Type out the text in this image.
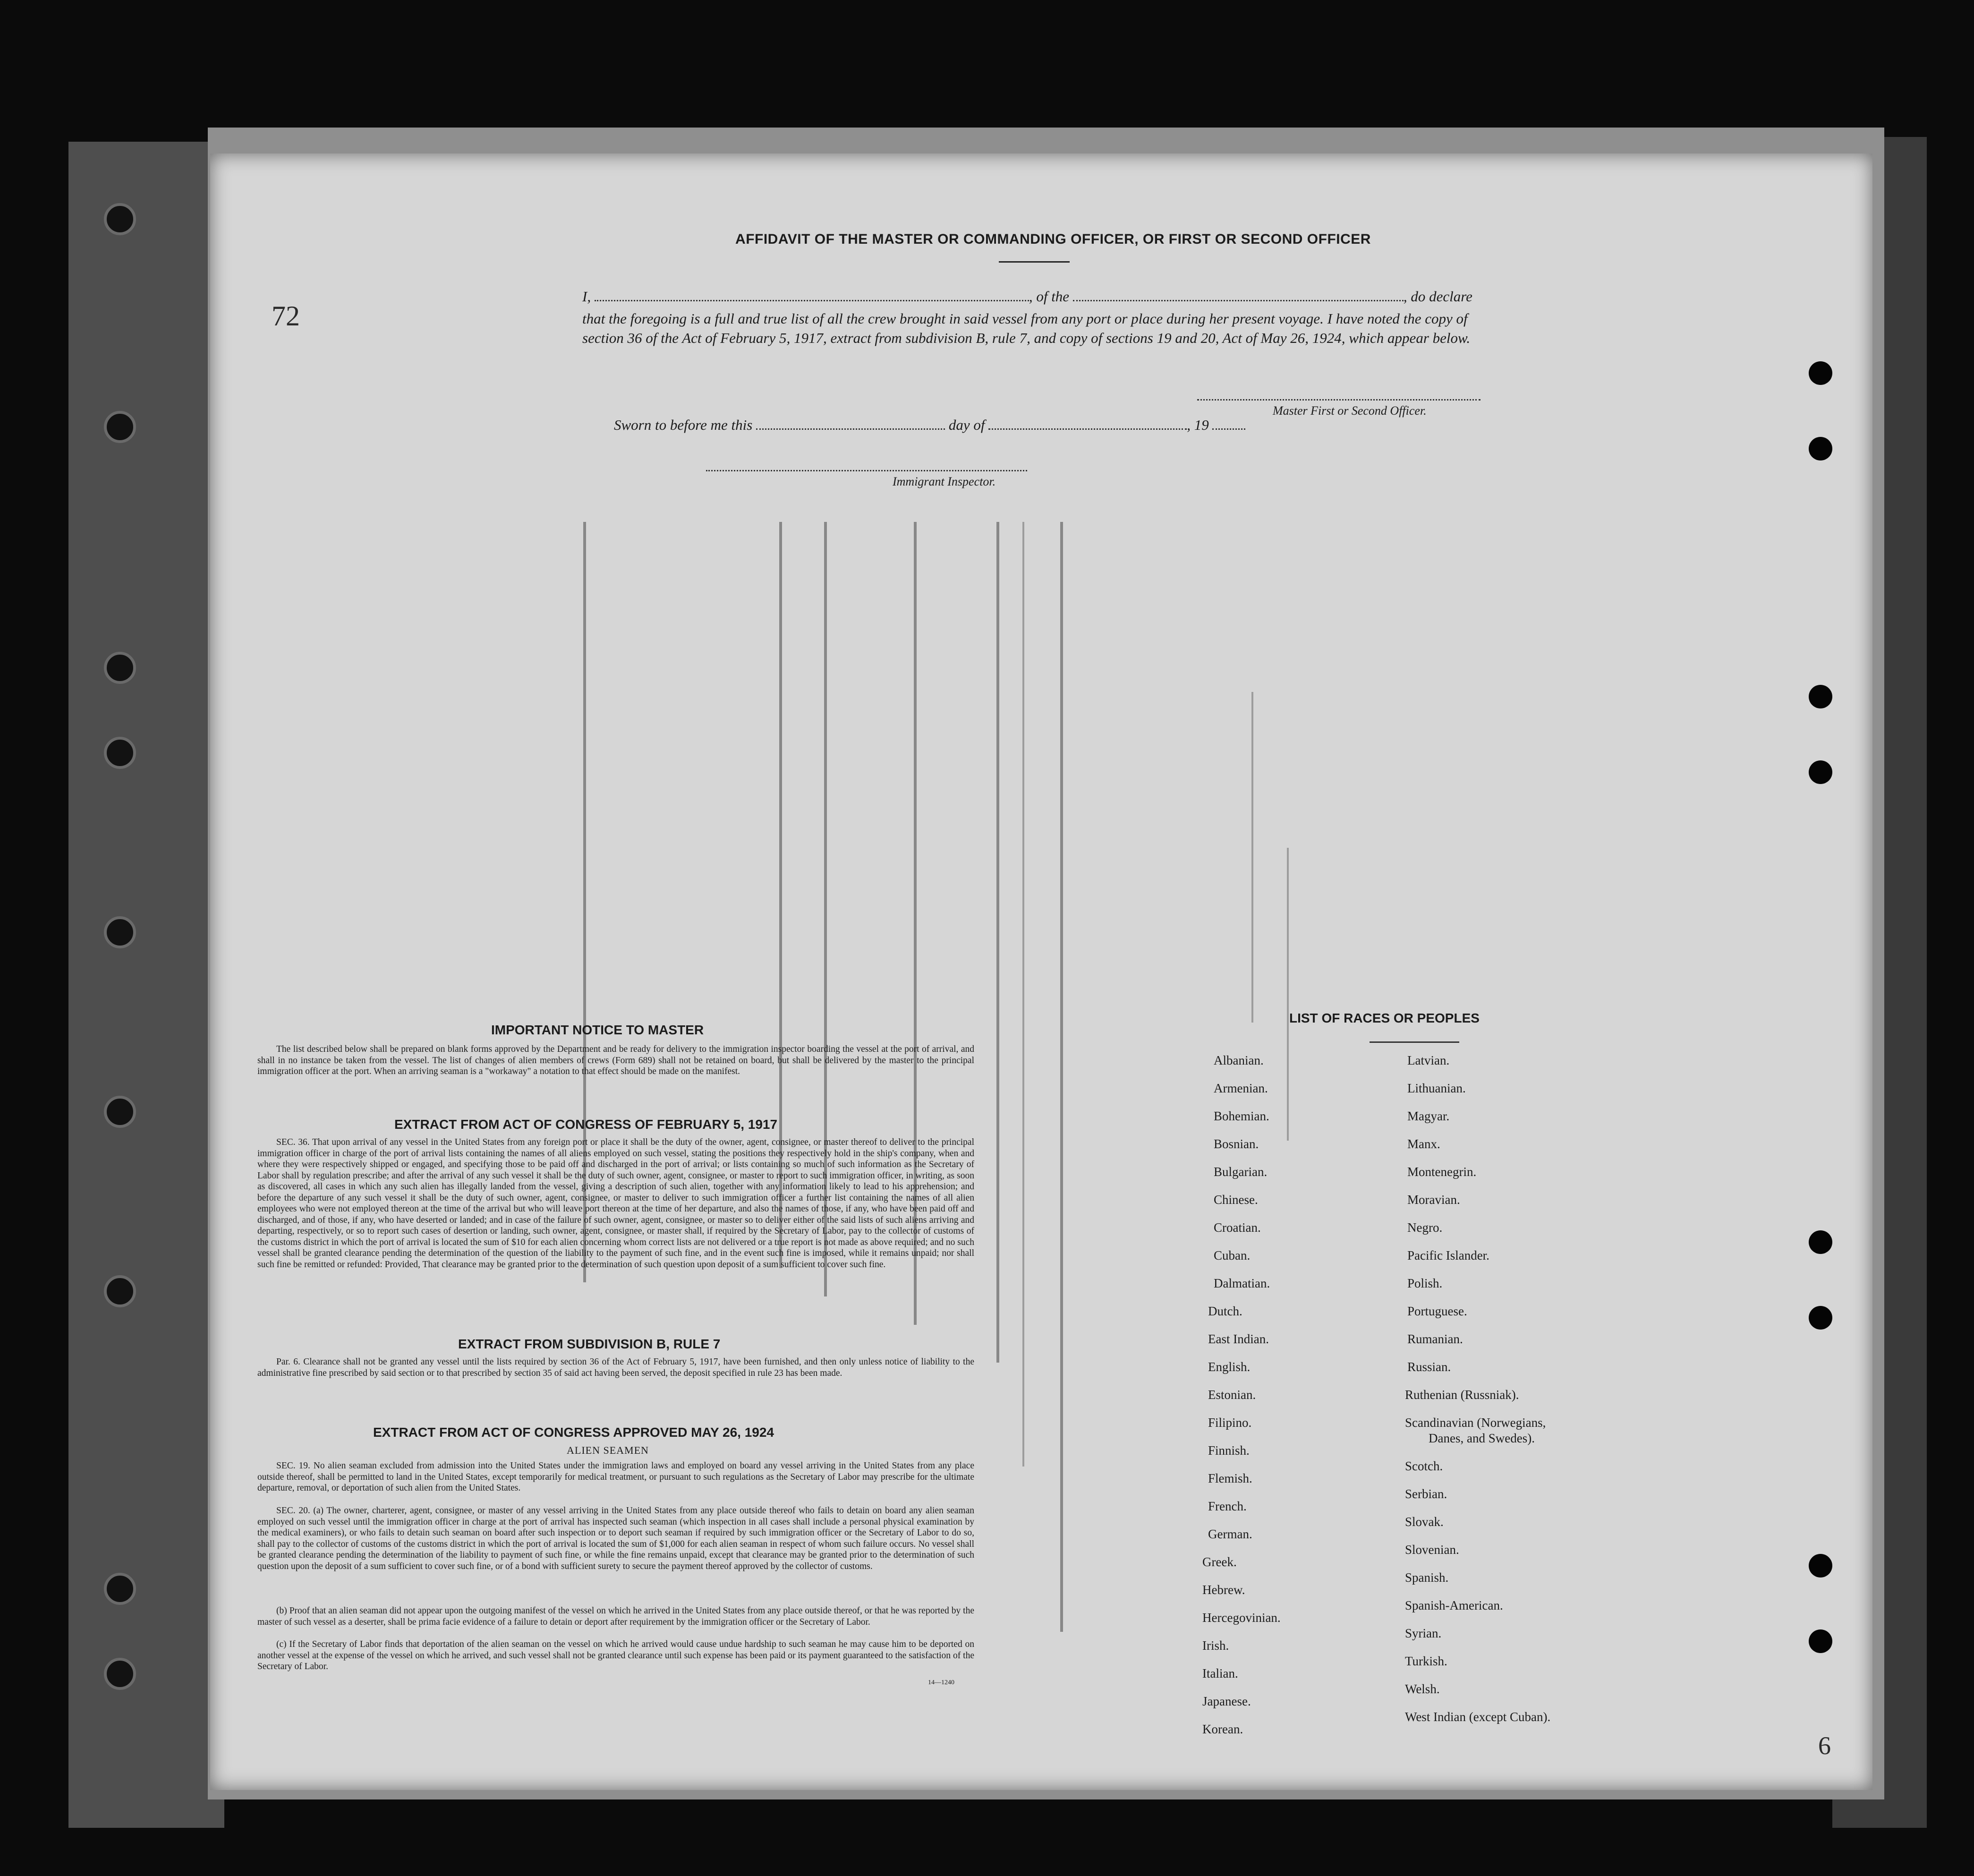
72
6
AFFIDAVIT OF THE MASTER OR COMMANDING OFFICER, OR FIRST OR SECOND OFFICER
I,	, of the	, do declare
that the foregoing is a full and true list of all the crew brought in said vessel from any port or place during her present voyage. I have noted the copy of section 36 of the Act of February 5, 1917, extract from subdivision B, rule 7, and copy of sections 19 and 20, Act of May 26, 1924, which appear below.
Master First or Second Officer.
Sworn to before me this	day of	, 19
Immigrant Inspector.
IMPORTANT NOTICE TO MASTER
The list described below shall be prepared on blank forms approved by the Department and be ready for delivery to the immigration inspector boarding the vessel at the port of arrival, and shall in no instance be taken from the vessel. The list of changes of alien members of crews (Form 689) shall not be retained on board, but shall be delivered by the master to the principal immigration officer at the port. When an arriving seaman is a "workaway" a notation to that effect should be made on the manifest.
EXTRACT FROM ACT OF CONGRESS OF FEBRUARY 5, 1917
SEC. 36. That upon arrival of any vessel in the United States from any foreign port or place it shall be the duty of the owner, agent, consignee, or master thereof to deliver to the principal immigration officer in charge of the port of arrival lists containing the names of all aliens employed on such vessel, stating the positions they respectively hold in the ship's company, when and where they were respectively shipped or engaged, and specifying those to be paid off and discharged in the port of arrival; or lists containing so much of such information as the Secretary of Labor shall by regulation prescribe; and after the arrival of any such vessel it shall be the duty of such owner, agent, consignee, or master to report to such immigration officer, in writing, as soon as discovered, all cases in which any such alien has illegally landed from the vessel, giving a description of such alien, together with any information likely to lead to his apprehension; and before the departure of any such vessel it shall be the duty of such owner, agent, consignee, or master to deliver to such immigration officer a further list containing the names of all alien employees who were not employed thereon at the time of the arrival but who will leave port thereon at the time of her departure, and also the names of those, if any, who have been paid off and discharged, and of those, if any, who have deserted or landed; and in case of the failure of such owner, agent, consignee, or master so to deliver either of the said lists of such aliens arriving and departing, respectively, or so to report such cases of desertion or landing, such owner, agent, consignee, or master shall, if required by the Secretary of Labor, pay to the collector of customs of the customs district in which the port of arrival is located the sum of $10 for each alien concerning whom correct lists are not delivered or a true report is not made as above required; and no such vessel shall be granted clearance pending the determination of the question of the liability to the payment of such fine, and in the event such fine is imposed, while it remains unpaid; nor shall such fine be remitted or refunded: Provided, That clearance may be granted prior to the determination of such question upon deposit of a sum sufficient to cover such fine.
EXTRACT FROM SUBDIVISION B, RULE 7
Par. 6. Clearance shall not be granted any vessel until the lists required by section 36 of the Act of February 5, 1917, have been furnished, and then only unless notice of liability to the administrative fine prescribed by said section or to that prescribed by section 35 of said act having been served, the deposit specified in rule 23 has been made.
EXTRACT FROM ACT OF CONGRESS APPROVED MAY 26, 1924
ALIEN SEAMEN
SEC. 19. No alien seaman excluded from admission into the United States under the immigration laws and employed on board any vessel arriving in the United States from any place outside thereof, shall be permitted to land in the United States, except temporarily for medical treatment, or pursuant to such regulations as the Secretary of Labor may prescribe for the ultimate departure, removal, or deportation of such alien from the United States.
SEC. 20. (a) The owner, charterer, agent, consignee, or master of any vessel arriving in the United States from any place outside thereof who fails to detain on board any alien seaman employed on such vessel until the immigration officer in charge at the port of arrival has inspected such seaman (which inspection in all cases shall include a personal physical examination by the medical examiners), or who fails to detain such seaman on board after such inspection or to deport such seaman if required by such immigration officer or the Secretary of Labor to do so, shall pay to the collector of customs of the customs district in which the port of arrival is located the sum of $1,000 for each alien seaman in respect of whom such failure occurs. No vessel shall be granted clearance pending the determination of the liability to payment of such fine, or while the fine remains unpaid, except that clearance may be granted prior to the determination of such question upon the deposit of a sum sufficient to cover such fine, or of a bond with sufficient surety to secure the payment thereof approved by the collector of customs.
(b) Proof that an alien seaman did not appear upon the outgoing manifest of the vessel on which he arrived in the United States from any place outside thereof, or that he was reported by the master of such vessel as a deserter, shall be prima facie evidence of a failure to detain or deport after requirement by the immigration officer or the Secretary of Labor.
(c) If the Secretary of Labor finds that deportation of the alien seaman on the vessel on which he arrived would cause undue hardship to such seaman he may cause him to be deported on another vessel at the expense of the vessel on which he arrived, and such vessel shall not be granted clearance until such expense has been paid or its payment guaranteed to the satisfaction of the Secretary of Labor.
14—1240
LIST OF RACES OR PEOPLES
Albanian.
Armenian.
Bohemian.
Bosnian.
Bulgarian.
Chinese.
Croatian.
Cuban.
Dalmatian.
Dutch.
East Indian.
English.
Estonian.
Filipino.
Finnish.
Flemish.
French.
German.
Greek.
Hebrew.
Hercegovinian.
Irish.
Italian.
Japanese.
Korean.
Latvian.
Lithuanian.
Magyar.
Manx.
Montenegrin.
Moravian.
Negro.
Pacific Islander.
Polish.
Portuguese.
Rumanian.
Russian.
Ruthenian (Russniak).
Scandinavian (Norwegians,
Danes, and Swedes).
Scotch.
Serbian.
Slovak.
Slovenian.
Spanish.
Spanish-American.
Syrian.
Turkish.
Welsh.
West Indian (except Cuban).
